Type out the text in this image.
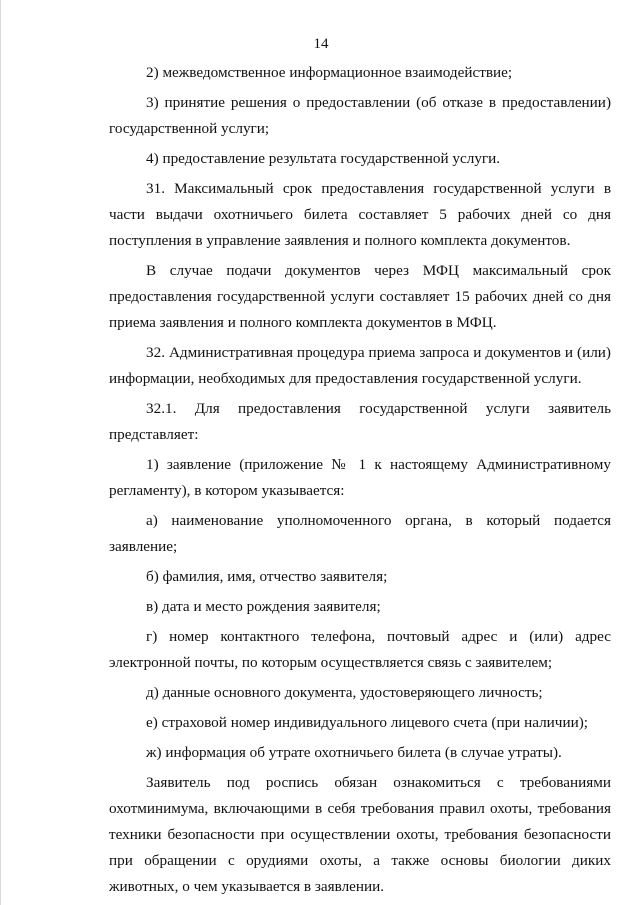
14

2) межведомственное информационное взаимодействие;

3) принятие решения о предоставлении (об отказе в предоставлении) государственной услуги;

4) предоставление результата государственной услуги.

31. Максимальный срок предоставления государственной услуги в части выдачи охотничьего билета составляет 5 рабочих дней со дня поступления в управление заявления и полного комплекта документов.

В случае подачи документов через МФЦ максимальный срок предоставления государственной услуги составляет 15 рабочих дней со дня приема заявления и полного комплекта документов в МФЦ.

32. Административная процедура приема запроса и документов и (или) информации, необходимых для предоставления государственной услуги.

32.1. Для предоставления государственной услуги заявитель представляет:

1) заявление (приложение № 1 к настоящему Административному регламенту), в котором указывается:

а) наименование уполномоченного органа, в который подается заявление;

б) фамилия, имя, отчество заявителя;

в) дата и место рождения заявителя;

г) номер контактного телефона, почтовый адрес и (или) адрес электронной почты, по которым осуществляется связь с заявителем;

д) данные основного документа, удостоверяющего личность;

е) страховой номер индивидуального лицевого счета (при наличии);

ж) информация об утрате охотничьего билета (в случае утраты).

Заявитель под роспись обязан ознакомиться с требованиями охотминимума, включающими в себя требования правил охоты, требования техники безопасности при осуществлении охоты, требования безопасности при обращении с орудиями охоты, а также основы биологии диких животных, о чем указывается в заявлении.
